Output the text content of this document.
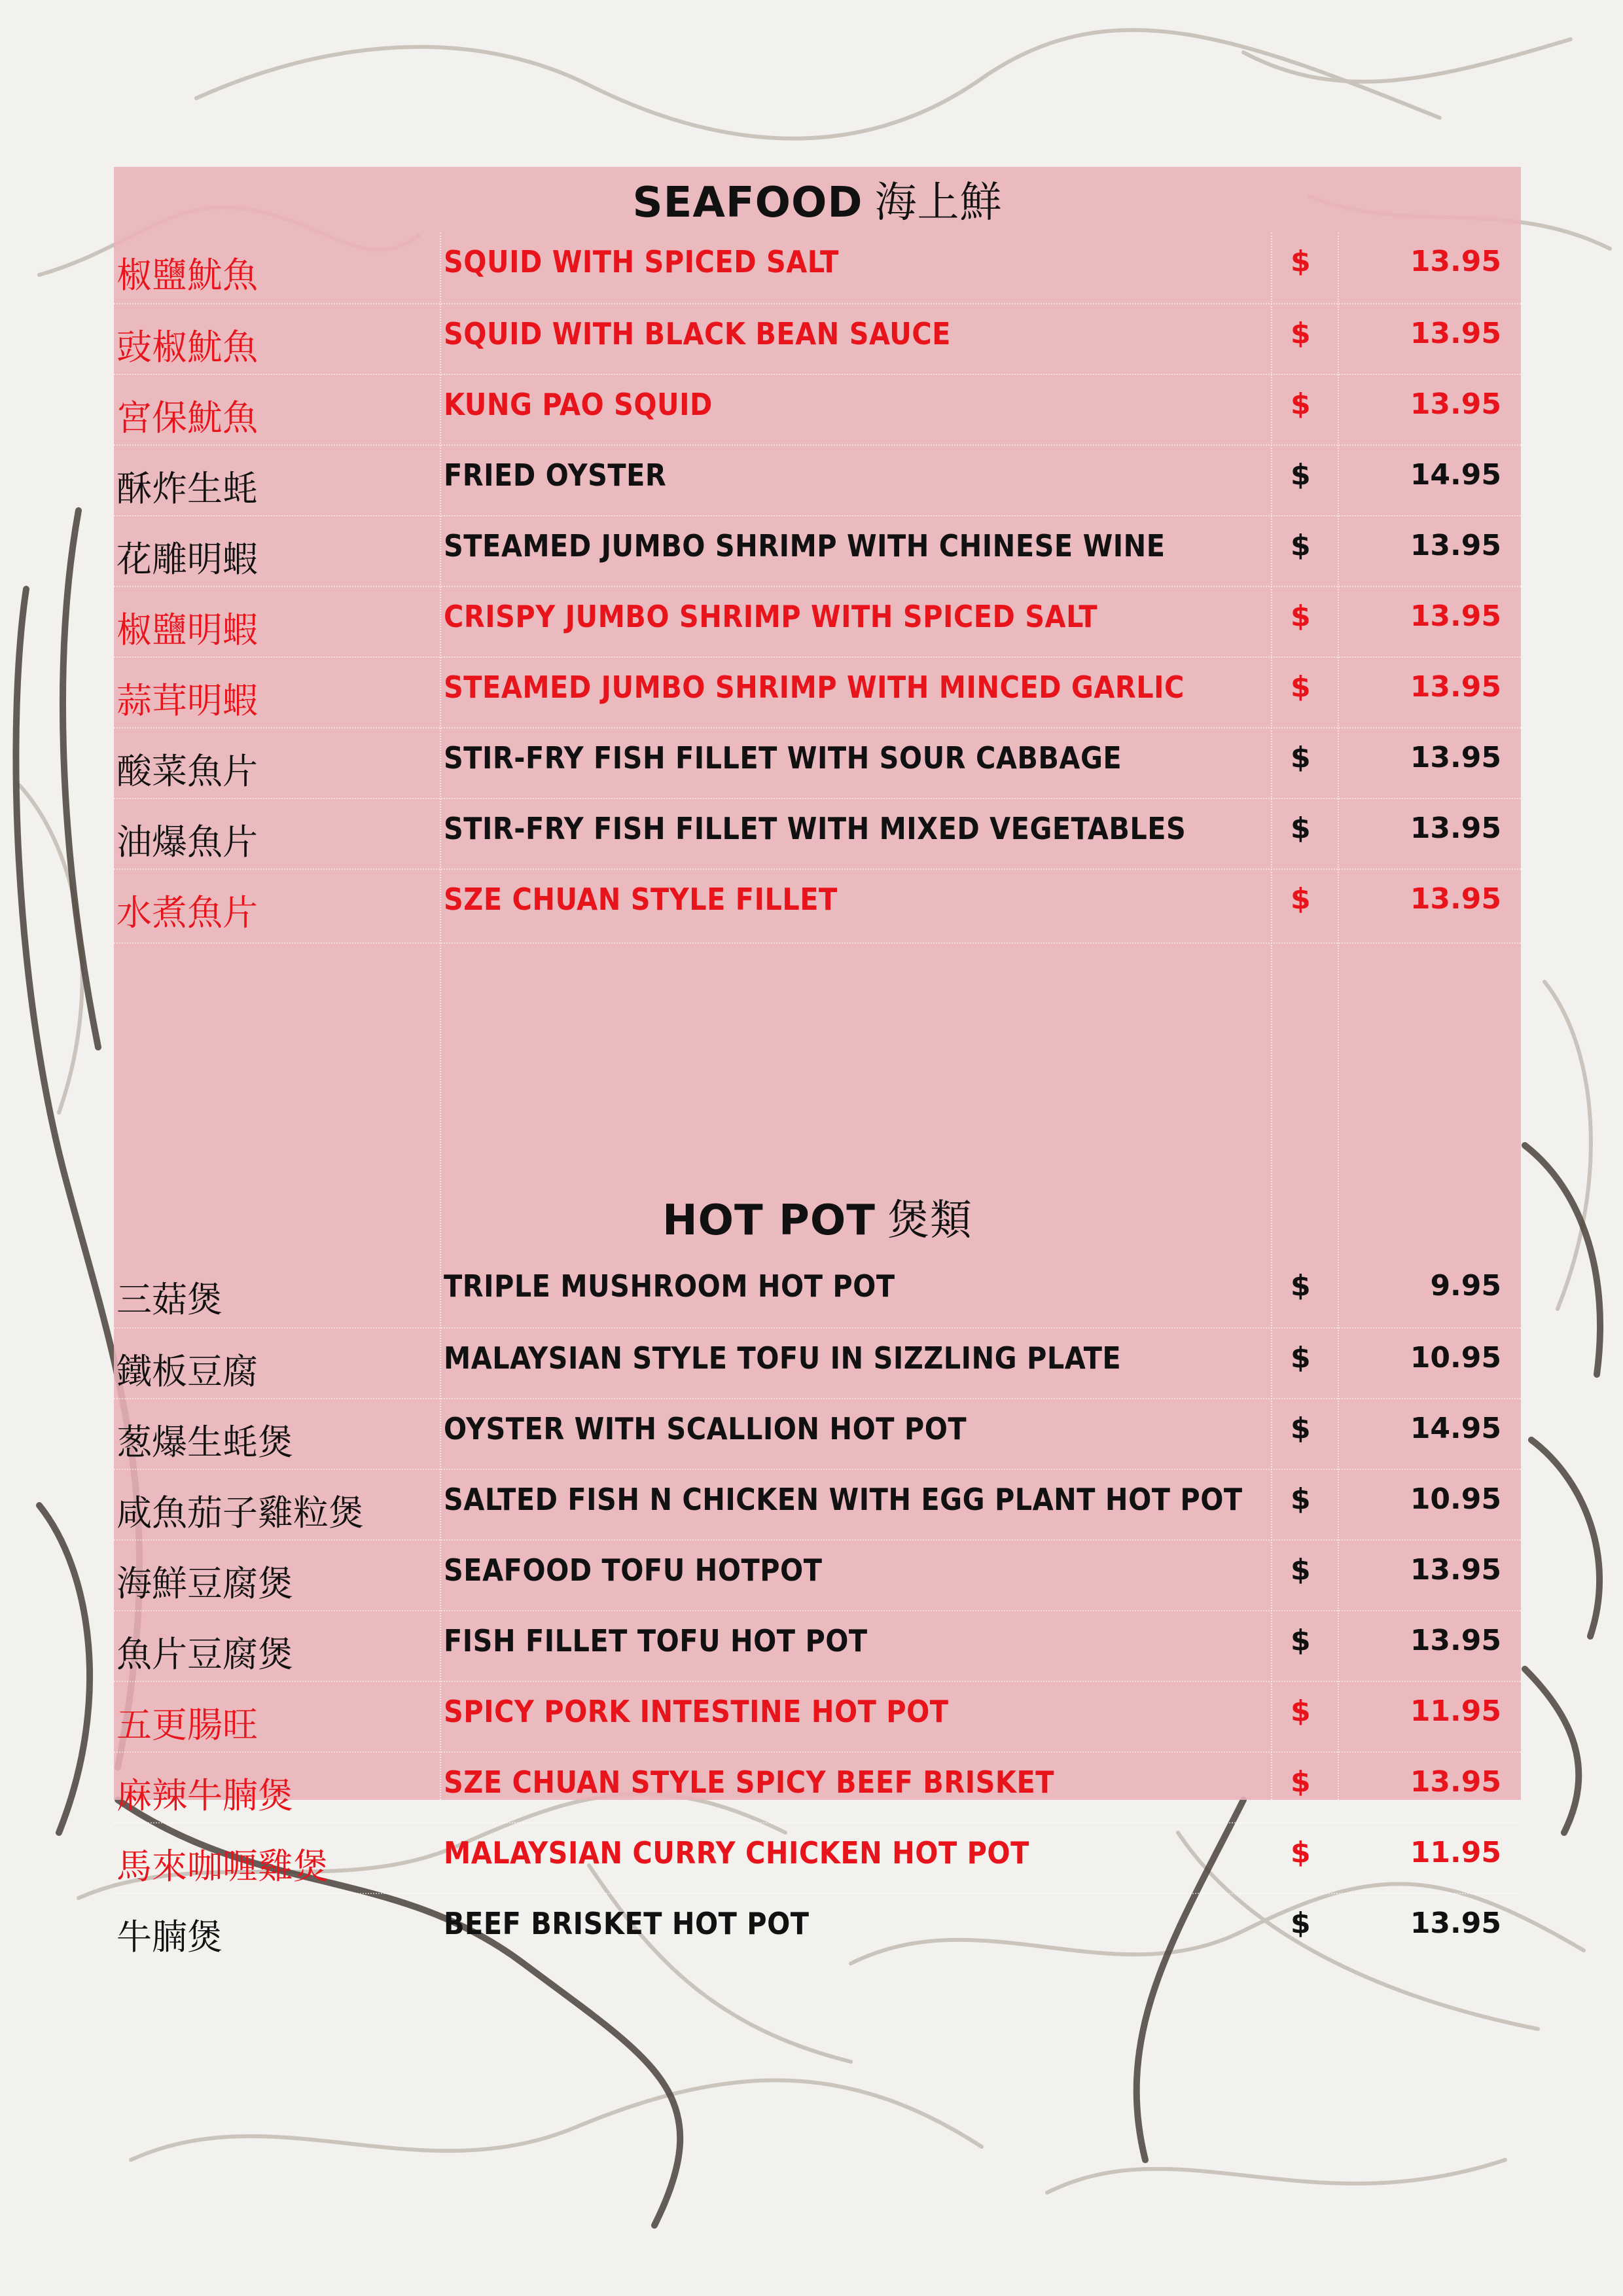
SEAFOOD 海上鮮
椒鹽魷魚	SQUID WITH SPICED SALT	$	13.95
豉椒魷魚	SQUID WITH BLACK BEAN SAUCE	$	13.95
宮保魷魚	KUNG PAO SQUID	$	13.95
酥炸生蚝	FRIED OYSTER	$	14.95
花雕明蝦	STEAMED JUMBO SHRIMP WITH CHINESE WINE	$	13.95
椒鹽明蝦	CRISPY JUMBO SHRIMP WITH SPICED SALT	$	13.95
蒜茸明蝦	STEAMED JUMBO SHRIMP WITH MINCED GARLIC	$	13.95
酸菜魚片	STIR-FRY FISH FILLET WITH SOUR CABBAGE	$	13.95
油爆魚片	STIR-FRY FISH FILLET WITH MIXED VEGETABLES	$	13.95
水煮魚片	SZE CHUAN STYLE FILLET	$	13.95
HOT POT 煲類
三菇煲	TRIPLE MUSHROOM HOT POT	$	9.95
鐵板豆腐	MALAYSIAN STYLE TOFU IN SIZZLING PLATE	$	10.95
葱爆生蚝煲	OYSTER WITH SCALLION HOT POT	$	14.95
咸魚茄子雞粒煲	SALTED FISH N CHICKEN WITH EGG PLANT HOT POT	$	10.95
海鮮豆腐煲	SEAFOOD TOFU HOTPOT	$	13.95
魚片豆腐煲	FISH FILLET TOFU HOT POT	$	13.95
五更腸旺	SPICY PORK INTESTINE HOT POT	$	11.95
麻辣牛腩煲	SZE CHUAN STYLE SPICY BEEF BRISKET	$	13.95
馬來咖喱雞煲	MALAYSIAN CURRY CHICKEN HOT POT	$	11.95
牛腩煲	BEEF BRISKET HOT POT	$	13.95
